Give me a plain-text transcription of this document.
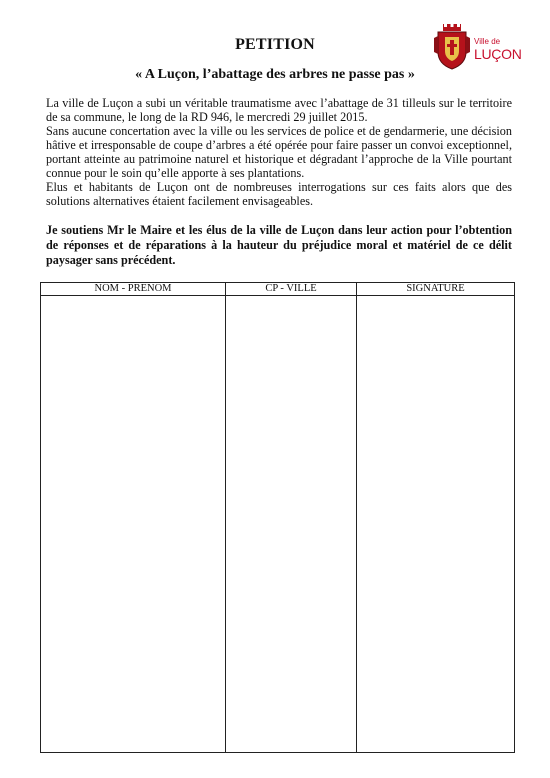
PETITION
« A Luçon, l’abattage des arbres ne passe pas »
Ville de
LUÇON

La ville de Luçon a subi un véritable traumatisme avec l’abattage de 31 tilleuls sur le territoire de sa commune, le long de la RD 946, le mercredi 29 juillet 2015.

Sans aucune concertation avec la ville ou les services de police et de gendarmerie, une décision hâtive et irresponsable de coupe d’arbres a été opérée pour faire passer un convoi exceptionnel, portant atteinte au patrimoine naturel et historique et dégradant l’approche de la Ville pourtant connue pour le soin qu’elle apporte à ses plantations.

Elus et habitants de Luçon ont de nombreuses interrogations sur ces faits alors que des solutions alternatives étaient facilement envisageables.

Je soutiens Mr le Maire et les élus de la ville de Luçon dans leur action pour l’obtention de réponses et de réparations à la hauteur du préjudice moral et matériel de ce délit paysager sans précédent.

NOM - PRENOM	CP - VILLE	SIGNATURE
